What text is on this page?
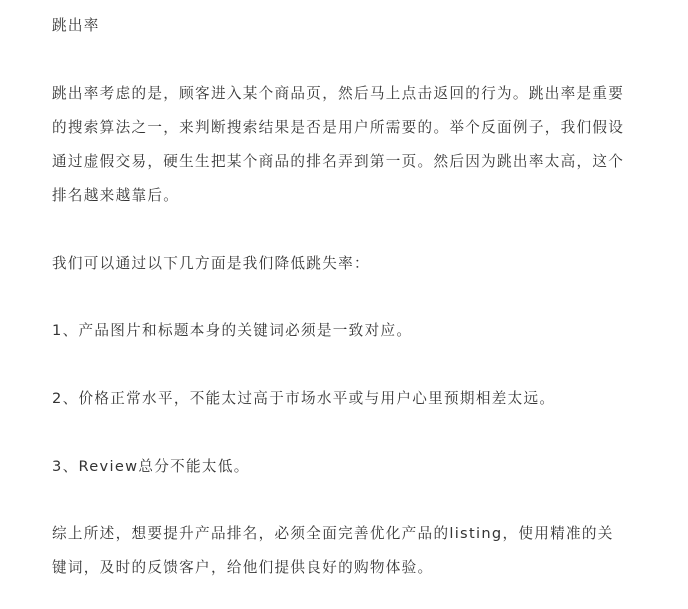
跳出率
跳出率考虑的是，顾客进入某个商品页，然后马上点击返回的行为。跳出率是重要
的搜索算法之一，来判断搜索结果是否是用户所需要的。举个反面例子，我们假设
通过虚假交易，硬生生把某个商品的排名弄到第一页。然后因为跳出率太高，这个
排名越来越靠后。
我们可以通过以下几方面是我们降低跳失率：
1、产品图片和标题本身的关键词必须是一致对应。
2、价格正常水平，不能太过高于市场水平或与用户心里预期相差太远。
3、Review总分不能太低。
综上所述，想要提升产品排名，必须全面完善优化产品的listing，使用精准的关
键词，及时的反馈客户，给他们提供良好的购物体验。
